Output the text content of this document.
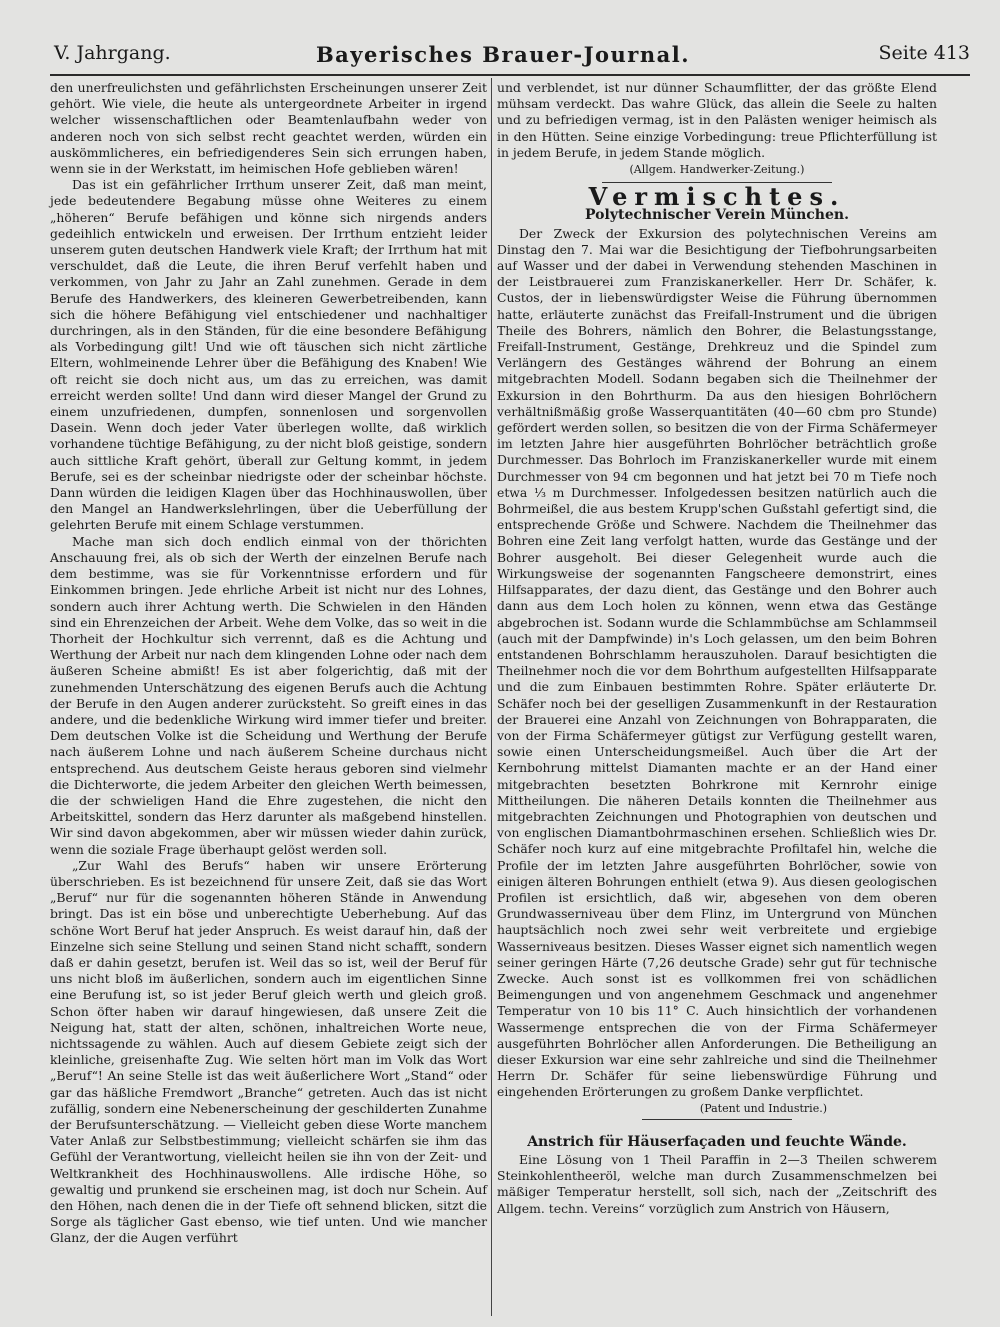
V. Jahrgang.	Bayerisches Brauer-Journal.	Seite 413

den unerfreulichsten und gefährlichsten Erscheinungen unserer Zeit gehört. Wie viele, die heute als untergeordnete Arbeiter in irgend welcher wissenschaftlichen oder Beamtenlaufbahn weder von anderen noch von sich selbst recht geachtet werden, würden ein auskömmlicheres, ein befriedigenderes Sein sich errungen haben, wenn sie in der Werkstatt, im heimischen Hofe geblieben wären!

Das ist ein gefährlicher Irrthum unserer Zeit, daß man meint, jede bedeutendere Begabung müsse ohne Weiteres zu einem „höheren“ Berufe befähigen und könne sich nirgends anders gedeihlich entwickeln und erweisen. Der Irrthum entzieht leider unserem guten deutschen Handwerk viele Kraft; der Irrthum hat mit verschuldet, daß die Leute, die ihren Beruf verfehlt haben und verkommen, von Jahr zu Jahr an Zahl zunehmen. Gerade in dem Berufe des Handwerkers, des kleineren Gewerbetreibenden, kann sich die höhere Befähigung viel entschiedener und nachhaltiger durchringen, als in den Ständen, für die eine besondere Befähigung als Vorbedingung gilt! Und wie oft täuschen sich nicht zärtliche Eltern, wohlmeinende Lehrer über die Befähigung des Knaben! Wie oft reicht sie doch nicht aus, um das zu erreichen, was damit erreicht werden sollte! Und dann wird dieser Mangel der Grund zu einem unzufriedenen, dumpfen, sonnenlosen und sorgenvollen Dasein. Wenn doch jeder Vater überlegen wollte, daß wirklich vorhandene tüchtige Befähigung, zu der nicht bloß geistige, sondern auch sittliche Kraft gehört, überall zur Geltung kommt, in jedem Berufe, sei es der scheinbar niedrigste oder der scheinbar höchste. Dann würden die leidigen Klagen über das Hochhinauswollen, über den Mangel an Handwerkslehrlingen, über die Ueberfüllung der gelehrten Berufe mit einem Schlage verstummen.

Mache man sich doch endlich einmal von der thörichten Anschauung frei, als ob sich der Werth der einzelnen Berufe nach dem bestimme, was sie für Vorkenntnisse erfordern und für Einkommen bringen. Jede ehrliche Arbeit ist nicht nur des Lohnes, sondern auch ihrer Achtung werth. Die Schwielen in den Händen sind ein Ehrenzeichen der Arbeit. Wehe dem Volke, das so weit in die Thorheit der Hochkultur sich verrennt, daß es die Achtung und Werthung der Arbeit nur nach dem klingenden Lohne oder nach dem äußeren Scheine abmißt! Es ist aber folgerichtig, daß mit der zunehmenden Unterschätzung des eigenen Berufs auch die Achtung der Berufe in den Augen anderer zurücksteht. So greift eines in das andere, und die bedenkliche Wirkung wird immer tiefer und breiter. Dem deutschen Volke ist die Scheidung und Werthung der Berufe nach äußerem Lohne und nach äußerem Scheine durchaus nicht entsprechend. Aus deutschem Geiste heraus geboren sind vielmehr die Dichterworte, die jedem Arbeiter den gleichen Werth beimessen, die der schwieligen Hand die Ehre zugestehen, die nicht den Arbeitskittel, sondern das Herz darunter als maßgebend hinstellen. Wir sind davon abgekommen, aber wir müssen wieder dahin zurück, wenn die soziale Frage überhaupt gelöst werden soll.

„Zur Wahl des Berufs“ haben wir unsere Erörterung überschrieben. Es ist bezeichnend für unsere Zeit, daß sie das Wort „Beruf“ nur für die sogenannten höheren Stände in Anwendung bringt. Das ist ein böse und unberechtigte Ueberhebung. Auf das schöne Wort Beruf hat jeder Anspruch. Es weist darauf hin, daß der Einzelne sich seine Stellung und seinen Stand nicht schafft, sondern daß er dahin gesetzt, berufen ist. Weil das so ist, weil der Beruf für uns nicht bloß im äußerlichen, sondern auch im eigentlichen Sinne eine Berufung ist, so ist jeder Beruf gleich werth und gleich groß. Schon öfter haben wir darauf hingewiesen, daß unsere Zeit die Neigung hat, statt der alten, schönen, inhaltreichen Worte neue, nichtssagende zu wählen. Auch auf diesem Gebiete zeigt sich der kleinliche, greisenhafte Zug. Wie selten hört man im Volk das Wort „Beruf“! An seine Stelle ist das weit äußerlichere Wort „Stand“ oder gar das häßliche Fremdwort „Branche“ getreten. Auch das ist nicht zufällig, sondern eine Nebenerscheinung der geschilderten Zunahme der Berufsunterschätzung. — Vielleicht geben diese Worte manchem Vater Anlaß zur Selbstbestimmung; vielleicht schärfen sie ihm das Gefühl der Verantwortung, vielleicht heilen sie ihn von der Zeit- und Weltkrankheit des Hochhinauswollens. Alle irdische Höhe, so gewaltig und prunkend sie erscheinen mag, ist doch nur Schein. Auf den Höhen, nach denen die in der Tiefe oft sehnend blicken, sitzt die Sorge als täglicher Gast ebenso, wie tief unten. Und wie mancher Glanz, der die Augen verführt

und verblendet, ist nur dünner Schaumflitter, der das größte Elend mühsam verdeckt. Das wahre Glück, das allein die Seele zu halten und zu befriedigen vermag, ist in den Palästen weniger heimisch als in den Hütten. Seine einzige Vorbedingung: treue Pflichterfüllung ist in jedem Berufe, in jedem Stande möglich.

(Allgem. Handwerker-Zeitung.)
Vermischtes.
Polytechnischer Verein München.

Der Zweck der Exkursion des polytechnischen Vereins am Dinstag den 7. Mai war die Besichtigung der Tiefbohrungsarbeiten auf Wasser und der dabei in Verwendung stehenden Maschinen in der Leistbrauerei zum Franziskanerkeller. Herr Dr. Schäfer, k. Custos, der in liebenswürdigster Weise die Führung übernommen hatte, erläuterte zunächst das Freifall-Instrument und die übrigen Theile des Bohrers, nämlich den Bohrer, die Belastungsstange, Freifall-Instrument, Gestänge, Drehkreuz und die Spindel zum Verlängern des Gestänges während der Bohrung an einem mitgebrachten Modell. Sodann begaben sich die Theilnehmer der Exkursion in den Bohrthurm. Da aus den hiesigen Bohrlöchern verhältnißmäßig große Wasserquantitäten (40—60 cbm pro Stunde) gefördert werden sollen, so besitzen die von der Firma Schäfermeyer im letzten Jahre hier ausgeführten Bohrlöcher beträchtlich große Durchmesser. Das Bohrloch im Franziskanerkeller wurde mit einem Durchmesser von 94 cm begonnen und hat jetzt bei 70 m Tiefe noch etwa ⅓ m Durchmesser. Infolgedessen besitzen natürlich auch die Bohrmeißel, die aus bestem Krupp'schen Gußstahl gefertigt sind, die entsprechende Größe und Schwere. Nachdem die Theilnehmer das Bohren eine Zeit lang verfolgt hatten, wurde das Gestänge und der Bohrer ausgeholt. Bei dieser Gelegenheit wurde auch die Wirkungsweise der sogenannten Fangscheere demonstrirt, eines Hilfsapparates, der dazu dient, das Gestänge und den Bohrer auch dann aus dem Loch holen zu können, wenn etwa das Gestänge abgebrochen ist. Sodann wurde die Schlammbüchse am Schlammseil (auch mit der Dampfwinde) in's Loch gelassen, um den beim Bohren entstandenen Bohrschlamm herauszuholen. Darauf besichtigten die Theilnehmer noch die vor dem Bohrthum aufgestellten Hilfsapparate und die zum Einbauen bestimmten Rohre. Später erläuterte Dr. Schäfer noch bei der geselligen Zusammenkunft in der Restauration der Brauerei eine Anzahl von Zeichnungen von Bohrapparaten, die von der Firma Schäfermeyer gütigst zur Verfügung gestellt waren, sowie einen Unterscheidungsmeißel. Auch über die Art der Kernbohrung mittelst Diamanten machte er an der Hand einer mitgebrachten besetzten Bohrkrone mit Kernrohr einige Mittheilungen. Die näheren Details konnten die Theilnehmer aus mitgebrachten Zeichnungen und Photographien von deutschen und von englischen Diamantbohrmaschinen ersehen. Schließlich wies Dr. Schäfer noch kurz auf eine mitgebrachte Profiltafel hin, welche die Profile der im letzten Jahre ausgeführten Bohrlöcher, sowie von einigen älteren Bohrungen enthielt (etwa 9). Aus diesen geologischen Profilen ist ersichtlich, daß wir, abgesehen von dem oberen Grundwasserniveau über dem Flinz, im Untergrund von München hauptsächlich noch zwei sehr weit verbreitete und ergiebige Wasserniveaus besitzen. Dieses Wasser eignet sich namentlich wegen seiner geringen Härte (7,26 deutsche Grade) sehr gut für technische Zwecke. Auch sonst ist es vollkommen frei von schädlichen Beimengungen und von angenehmem Geschmack und angenehmer Temperatur von 10 bis 11° C. Auch hinsichtlich der vorhandenen Wassermenge entsprechen die von der Firma Schäfermeyer ausgeführten Bohrlöcher allen Anforderungen. Die Betheiligung an dieser Exkursion war eine sehr zahlreiche und sind die Theilnehmer Herrn Dr. Schäfer für seine liebenswürdige Führung und eingehenden Erörterungen zu großem Danke verpflichtet.

(Patent und Industrie.)
Anstrich für Häuserfaçaden und feuchte Wände.

Eine Lösung von 1 Theil Paraffin in 2—3 Theilen schwerem Steinkohlentheeröl, welche man durch Zusammenschmelzen bei mäßiger Temperatur herstellt, soll sich, nach der „Zeitschrift des Allgem. techn. Vereins“ vorzüglich zum Anstrich von Häusern,
